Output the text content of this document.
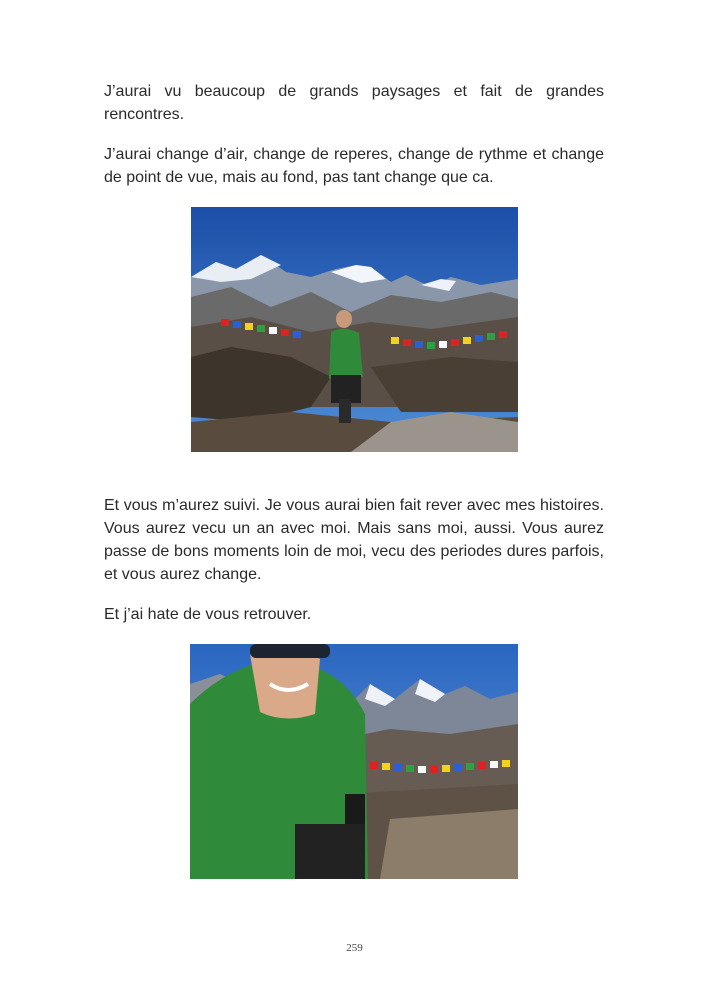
J’aurai vu beaucoup de grands paysages et fait de grandes rencontres.

J’aurai change d’air, change de reperes, change de rythme et change de point de vue, mais au fond, pas tant change que ca.

Et vous m’aurez suivi. Je vous aurai bien fait rever avec mes histoires. Vous aurez vecu un an avec moi. Mais sans moi, aussi. Vous aurez passe de bons moments loin de moi, vecu des periodes dures parfois, et vous aurez change.

Et j’ai hate de vous retrouver.

259
